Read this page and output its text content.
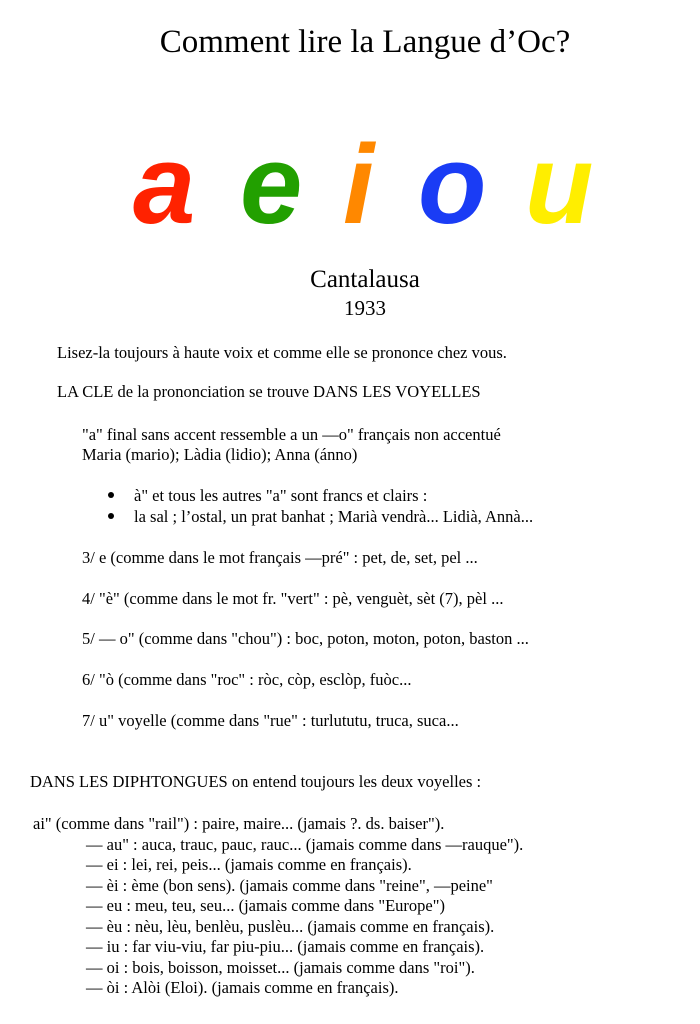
Comment lire la Langue d’Oc?
a e i o u
Cantalausa
1933
Lisez-la toujours à haute voix et comme elle se prononce chez vous.
LA CLE de la prononciation se trouve DANS LES VOYELLES
"a" final sans accent ressemble a un —o" français non accentué
Maria (mario); Làdia (lidio); Anna (ánno)
à" et tous les autres "a" sont francs et clairs :
la sal ; l’ostal, un prat banhat ; Marià vendrà... Lidià, Annà...
3/ e (comme dans le mot français —pré" : pet, de, set, pel ...
4/ "è" (comme dans le mot fr. "vert" : pè, venguèt, sèt (7), pèl ...
5/ — o" (comme dans "chou") : boc, poton, moton, poton, baston ...
6/ "ò (comme dans "roc" : ròc, còp, esclòp, fuòc...
7/ u" voyelle (comme dans "rue" : turlututu, truca, suca...
DANS LES DIPHTONGUES on entend toujours les deux voyelles :
ai" (comme dans "rail") : paire, maire... (jamais ?. ds. baiser").
— au" : auca, trauc, pauc, rauc... (jamais comme dans —rauque").
— ei : lei, rei, peis... (jamais comme en français).
— èi : ème (bon sens). (jamais comme dans "reine", —peine"
— eu : meu, teu, seu... (jamais comme dans "Europe")
— èu : nèu, lèu, benlèu, puslèu... (jamais comme en français).
— iu : far viu-viu, far piu-piu... (jamais comme en français).
— oi : bois, boisson, moisset... (jamais comme dans "roi").
— òi : Alòi (Eloi). (jamais comme en français).
